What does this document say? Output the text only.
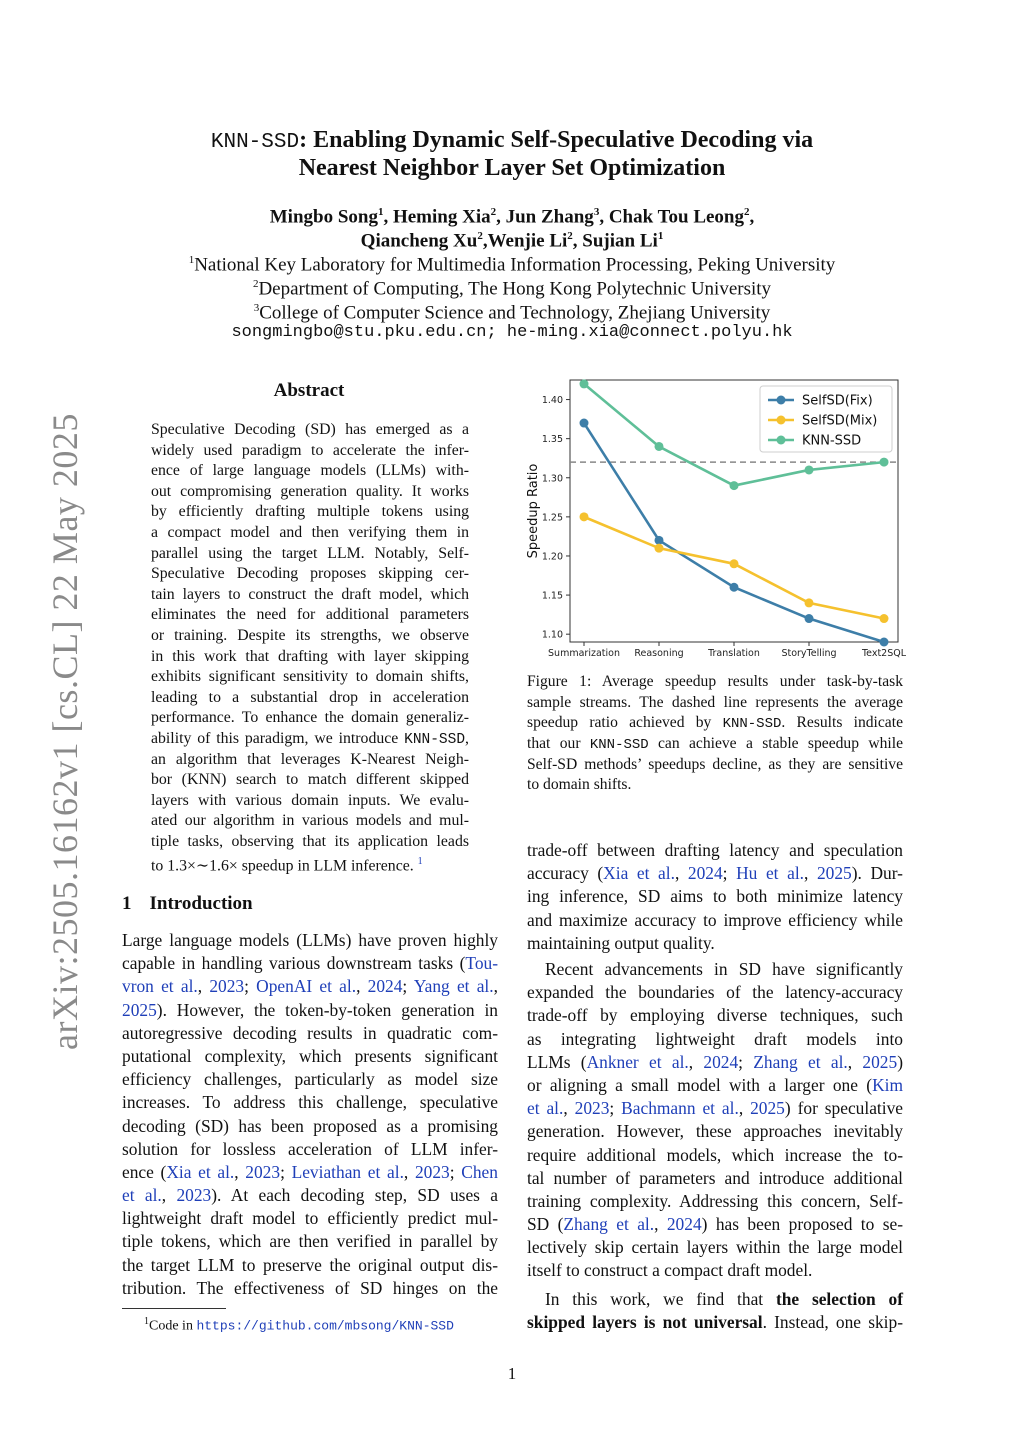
KNN-SSD: Enabling Dynamic Self-Speculative Decoding via
Nearest Neighbor Layer Set Optimization
Mingbo Song$^1$, Heming Xia$^2$, Jun Zhang$^3$, Chak Tou Leong$^2$,
Qiancheng Xu$^2$,Wenjie Li$^2$, Sujian Li$^1$
$^1$National Key Laboratory for Multimedia Information Processing, Peking University
$^2$Department of Computing, The Hong Kong Polytechnic University
$^3$College of Computer Science and Technology, Zhejiang University
songmingbo@stu.pku.edu.cn; he-ming.xia@connect.polyu.hk
arXiv:2505.16162v1 [cs.CL] 22 May 2025
Abstract
Speculative Decoding (SD) has emerged as a
widely used paradigm to accelerate the infer-
ence of large language models (LLMs) with-
out compromising generation quality. It works
by efficiently drafting multiple tokens using
a compact model and then verifying them in
parallel using the target LLM. Notably, Self-
Speculative Decoding proposes skipping cer-
tain layers to construct the draft model, which
eliminates the need for additional parameters
or training. Despite its strengths, we observe
in this work that drafting with layer skipping
exhibits significant sensitivity to domain shifts,
leading to a substantial drop in acceleration
performance. To enhance the domain generaliz-
ability of this paradigm, we introduce KNN-SSD,
an algorithm that leverages K-Nearest Neigh-
bor (KNN) search to match different skipped
layers with various domain inputs. We evalu-
ated our algorithm in various models and mul-
tiple tasks, observing that its application leads
to 1.3×∼1.6× speedup in LLM inference. $^1$
1 Introduction
Large language models (LLMs) have proven highly
capable in handling various downstream tasks (Tou-
vron et al., 2023; OpenAI et al., 2024; Yang et al.,
2025). However, the token-by-token generation in
autoregressive decoding results in quadratic com-
putational complexity, which presents significant
efficiency challenges, particularly as model size
increases. To address this challenge, speculative
decoding (SD) has been proposed as a promising
solution for lossless acceleration of LLM infer-
ence (Xia et al., 2023; Leviathan et al., 2023; Chen
et al., 2023). At each decoding step, SD uses a
lightweight draft model to efficiently predict mul-
tiple tokens, which are then verified in parallel by
the target LLM to preserve the original output dis-
tribution. The effectiveness of SD hinges on the
1.10
1.15
1.20
1.25
1.30
1.35
1.40
Summarization Reasoning	Translation StoryTelling	Text2SQL
Speedup Ratio
SelfSD(Fix)
SelfSD(Mix)
KNN-SSD
Figure 1: Average speedup results under task-by-task
sample streams. The dashed line represents the average
speedup ratio achieved by KNN-SSD. Results indicate
that our KNN-SSD can achieve a stable speedup while
Self-SD methods’ speedups decline, as they are sensitive
to domain shifts.
trade-off between drafting latency and speculation
accuracy (Xia et al., 2024; Hu et al., 2025). Dur-
ing inference, SD aims to both minimize latency
and maximize accuracy to improve efficiency while
maintaining output quality.
Recent advancements in SD have significantly
expanded the boundaries of the latency-accuracy
trade-off by employing diverse techniques, such
as integrating lightweight draft models into
LLMs (Ankner et al., 2024; Zhang et al., 2025)
or aligning a small model with a larger one (Kim
et al., 2023; Bachmann et al., 2025) for speculative
generation. However, these approaches inevitably
require additional models, which increase the to-
tal number of parameters and introduce additional
training complexity. Addressing this concern, Self-
SD (Zhang et al., 2024) has been proposed to se-
lectively skip certain layers within the large model
itself to construct a compact draft model.
In this work, we find that the selection of
skipped layers is not universal. Instead, one skip-
$^1$Code in https://github.com/mbsong/KNN-SSD
1
